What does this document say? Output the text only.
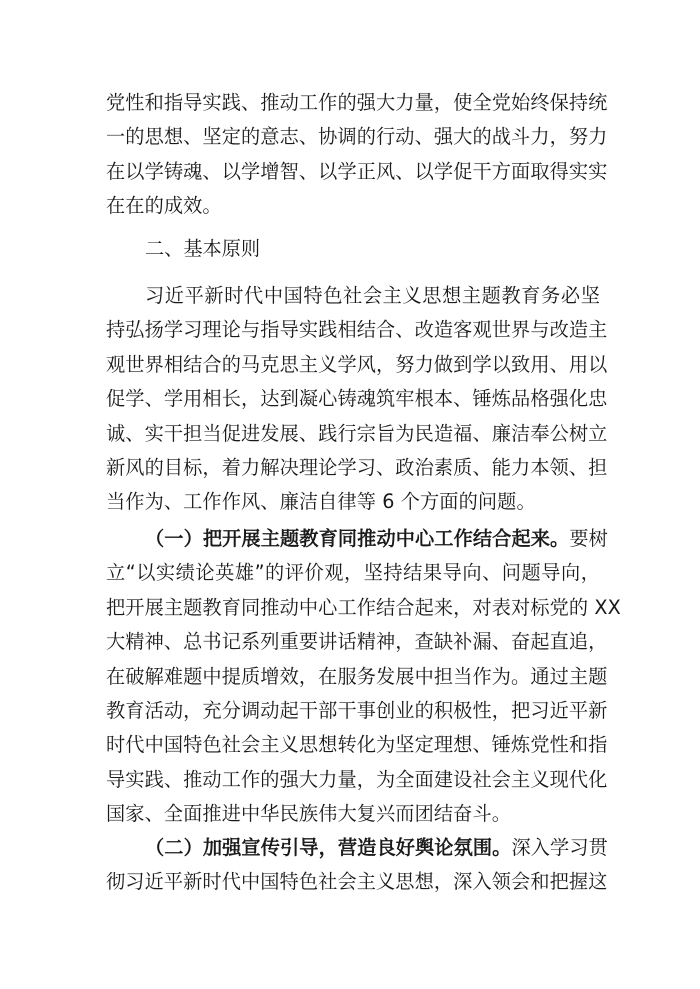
党性和指导实践、推动工作的强大力量，使全党始终保持统
一的思想、坚定的意志、协调的行动、强大的战斗力，努力
在以学铸魂、以学增智、以学正风、以学促干方面取得实实
在在的成效。

二、基本原则

习近平新时代中国特色社会主义思想主题教育务必坚
持弘扬学习理论与指导实践相结合、改造客观世界与改造主
观世界相结合的马克思主义学风，努力做到学以致用、用以
促学、学用相长，达到凝心铸魂筑牢根本、锤炼品格强化忠
诚、实干担当促进发展、践行宗旨为民造福、廉洁奉公树立
新风的目标，着力解决理论学习、政治素质、能力本领、担
当作为、工作作风、廉洁自律等 6 个方面的问题。

（一）把开展主题教育同推动中心工作结合起来。要树
立“以实绩论英雄”的评价观，坚持结果导向、问题导向，
把开展主题教育同推动中心工作结合起来，对表对标党的 XX
大精神、总书记系列重要讲话精神，查缺补漏、奋起直追，
在破解难题中提质增效，在服务发展中担当作为。通过主题
教育活动，充分调动起干部干事创业的积极性，把习近平新
时代中国特色社会主义思想转化为坚定理想、锤炼党性和指
导实践、推动工作的强大力量，为全面建设社会主义现代化
国家、全面推进中华民族伟大复兴而团结奋斗。

（二）加强宣传引导，营造良好舆论氛围。深入学习贯
彻习近平新时代中国特色社会主义思想，深入领会和把握这
